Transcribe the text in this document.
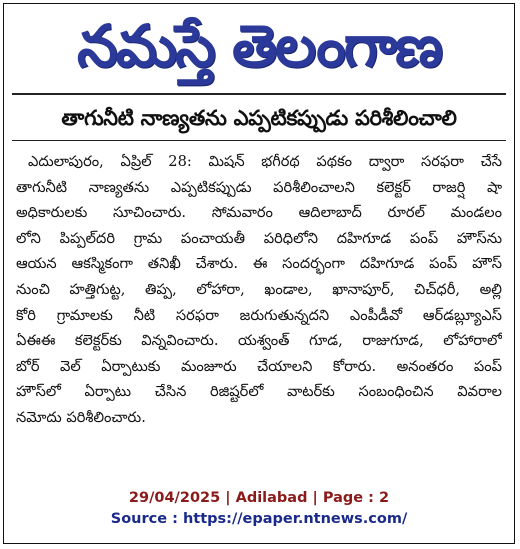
నమస్తే తెలంగాణ
తాగునీటి నాణ్యతను ఎప్పటికప్పుడు పరిశీలించాలి
ఎదులాపురం, ఏప్రిల్ 28: మిషన్ భగీరథ పథకం ద్వారా సరఫరా చేసే
తాగునీటి నాణ్యతను ఎప్పటికప్పుడు పరిశీలించాలని కలెక్టర్ రాజర్షి షా
అధికారులకు సూచించారు. సోమవారం ఆదిలాబాద్ రూరల్ మండలం
లోని పిప్పల్‌దరి గ్రామ పంచాయతీ పరిధిలోని దహిగూడ పంప్ హౌస్‌ను
ఆయన ఆకస్మికంగా తనిఖీ చేశారు. ఈ సందర్భంగా దహిగూడ పంప్ హౌస్
నుంచి హత్తిగుట్ట, తిప్ప, లోహారా, ఖండాల, ఖానాపూర్, చిచ్‌ధరీ, అల్లి
కోరి గ్రామాలకు నీటి సరఫరా జరుగుతున్నదని ఎంపీడీవో ఆర్‌డబ్ల్యూఎస్
ఏఈఈ కలెక్టర్‌కు విన్నవించారు. యశ్వంత్ గూడ, రాజుగూడ, లోహారాలో
బోర్ వెల్ ఏర్పాటుకు మంజూరు చేయాలని కోరారు. అనంతరం పంప్
హౌస్‌లో ఏర్పాటు చేసిన రిజిష్టర్‌లో వాటర్‌కు సంబంధించిన వివరాల
నమోదు పరిశీలించారు.
29/04/2025 | Adilabad | Page : 2
Source : https://epaper.ntnews.com/
